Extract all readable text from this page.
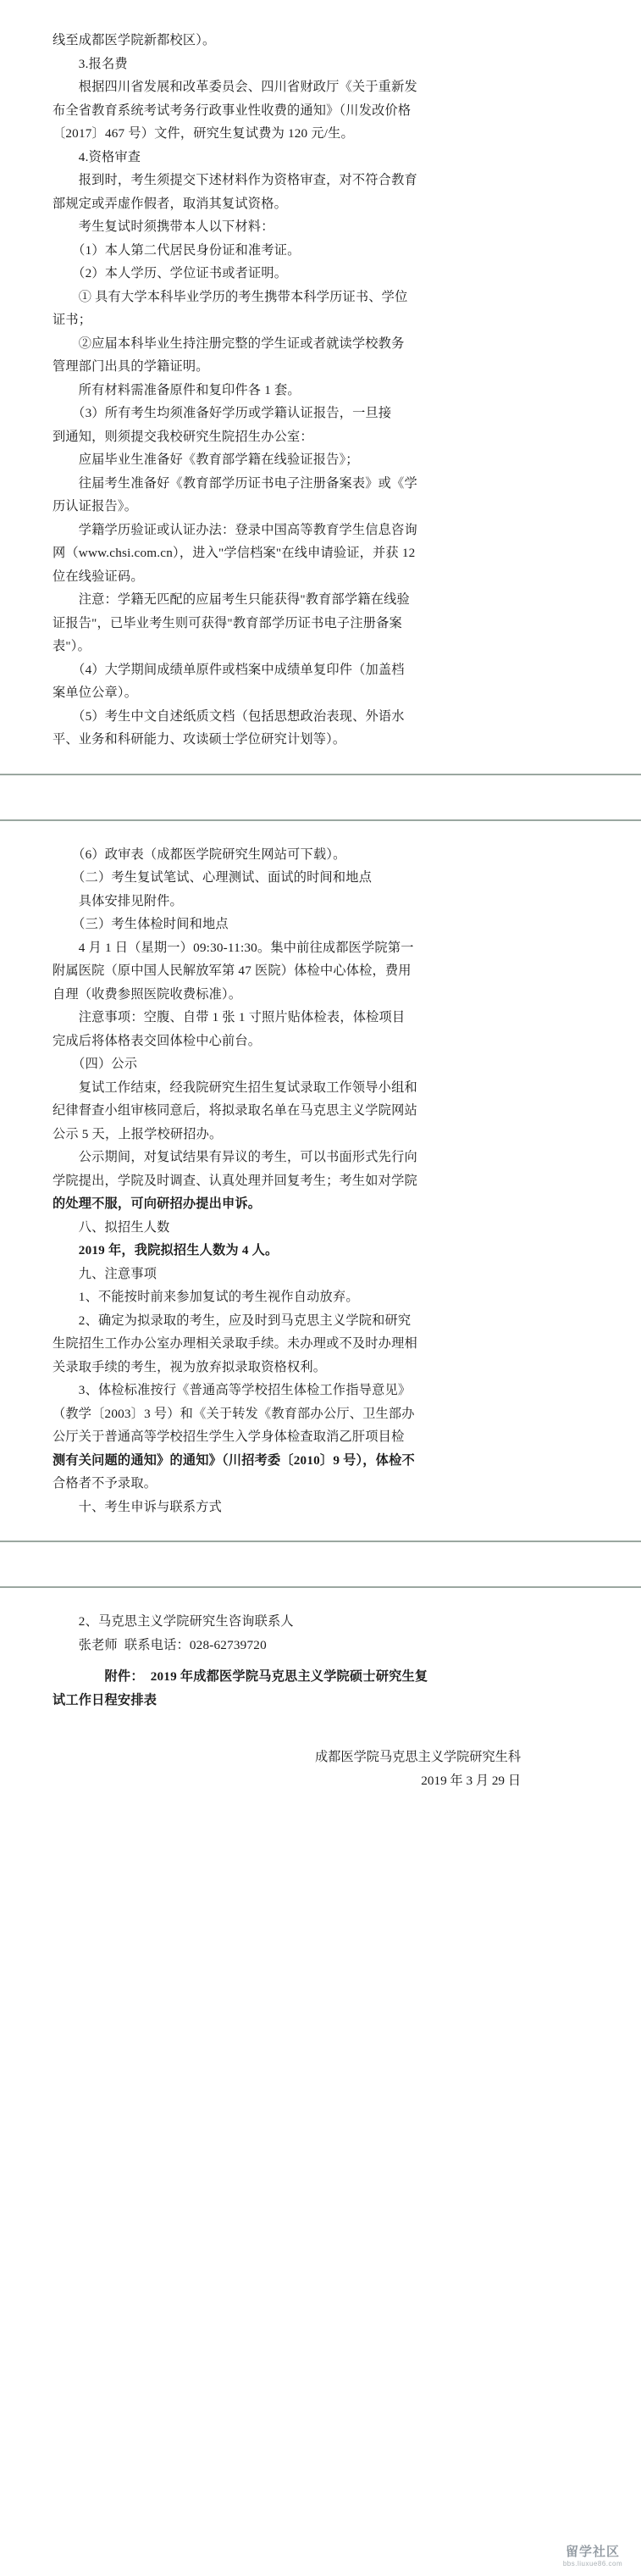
线至成都医学院新都校区）。
　　3.报名费
　　根据四川省发展和改革委员会、四川省财政厅《关于重新发
布全省教育系统考试考务行政事业性收费的通知》（川发改价格
〔2017〕467 号）文件，研究生复试费为 120 元/生。
　　4.资格审查
　　报到时，考生须提交下述材料作为资格审查，对不符合教育
部规定或弄虚作假者，取消其复试资格。
　　考生复试时须携带本人以下材料：
　　（1）本人第二代居民身份证和准考证。
　　（2）本人学历、学位证书或者证明。
　　① 具有大学本科毕业学历的考生携带本科学历证书、学位
证书；
　　②应届本科毕业生持注册完整的学生证或者就读学校教务
管理部门出具的学籍证明。
　　所有材料需准备原件和复印件各 1 套。
　　（3）所有考生均须准备好学历或学籍认证报告，一旦接
到通知，则须提交我校研究生院招生办公室：
　　应届毕业生准备好《教育部学籍在线验证报告》；
　　往届考生准备好《教育部学历证书电子注册备案表》或《学
历认证报告》。
　　学籍学历验证或认证办法：登录中国高等教育学生信息咨询
网（www.chsi.com.cn），进入"学信档案"在线申请验证，并获 12
位在线验证码。
　　注意：学籍无匹配的应届考生只能获得"教育部学籍在线验
证报告"，已毕业考生则可获得"教育部学历证书电子注册备案
表"）。
　　（4）大学期间成绩单原件或档案中成绩单复印件（加盖档
案单位公章）。
　　（5）考生中文自述纸质文档（包括思想政治表现、外语水
平、业务和科研能力、攻读硕士学位研究计划等）。
　　（6）政审表（成都医学院研究生网站可下载）。
　　（二）考生复试笔试、心理测试、面试的时间和地点
　　具体安排见附件。
　　（三）考生体检时间和地点
　　4 月 1 日（星期一）09:30-11:30。集中前往成都医学院第一
附属医院（原中国人民解放军第 47 医院）体检中心体检，费用
自理（收费参照医院收费标准）。
　　注意事项：空腹、自带 1 张 1 寸照片贴体检表，体检项目
完成后将体格表交回体检中心前台。
　　（四）公示
　　复试工作结束，经我院研究生招生复试录取工作领导小组和
纪律督查小组审核同意后，将拟录取名单在马克思主义学院网站
公示 5 天，上报学校研招办。
　　公示期间，对复试结果有异议的考生，可以书面形式先行向
学院提出，学院及时调查、认真处理并回复考生；考生如对学院
的处理不服，可向研招办提出申诉。
　　八、拟招生人数
　　2019 年，我院拟招生人数为 4 人。
　　九、注意事项
　　1、不能按时前来参加复试的考生视作自动放弃。
　　2、确定为拟录取的考生，应及时到马克思主义学院和研究
生院招生工作办公室办理相关录取手续。未办理或不及时办理相
关录取手续的考生，视为放弃拟录取资格权利。
　　3、体检标准按行《普通高等学校招生体检工作指导意见》
（教学〔2003〕3 号）和《关于转发《教育部办公厅、卫生部办
公厅关于普通高等学校招生学生入学身体检查取消乙肝项目检
测有关问题的通知》的通知》（川招考委〔2010〕9 号），体检不
合格者不予录取。
　　十、考生申诉与联系方式
　　2、马克思主义学院研究生咨询联系人
　　张老师  联系电话：028-62739720
　　　　附件：  2019 年成都医学院马克思主义学院硕士研究生复
试工作日程安排表
成都医学院马克思主义学院研究生科
2019 年 3 月 29 日
留学社区
bbs.liuxue86.com
